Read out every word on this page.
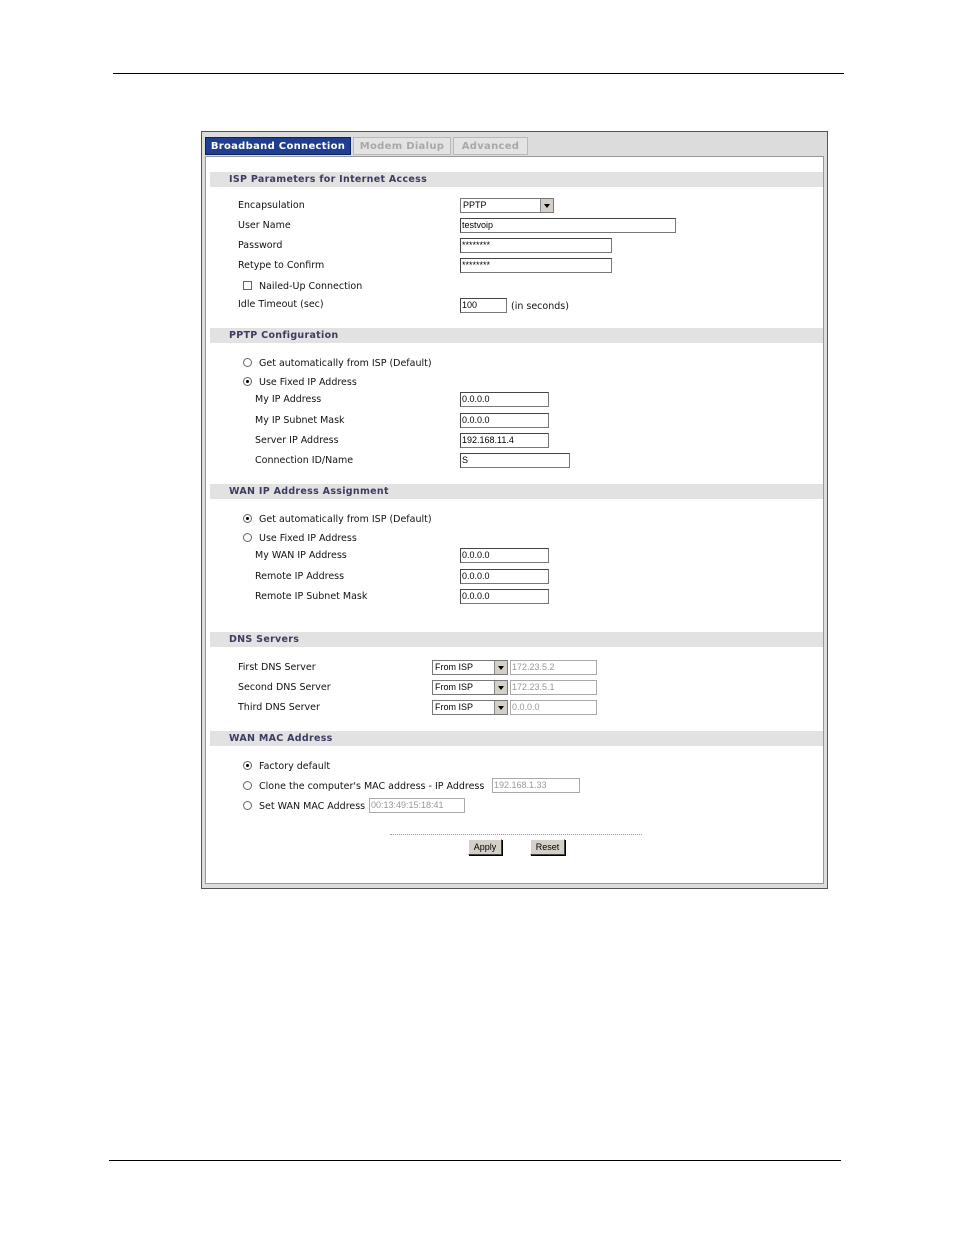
Broadband Connection	Modem Dialup	Advanced
ISP Parameters for Internet Access
Encapsulation	PPTP
User Name	testvoip
Password	********
Retype to Confirm	********
Nailed-Up Connection
Idle Timeout (sec)	100	(in seconds)
PPTP Configuration
Get automatically from ISP (Default)
Use Fixed IP Address
My IP Address	0.0.0.0
My IP Subnet Mask	0.0.0.0
Server IP Address	192.168.11.4
Connection ID/Name	S
WAN IP Address Assignment
Get automatically from ISP (Default)
Use Fixed IP Address
My WAN IP Address	0.0.0.0
Remote IP Address	0.0.0.0
Remote IP Subnet Mask	0.0.0.0
DNS Servers
First DNS Server	From ISP	172.23.5.2
Second DNS Server	From ISP	172.23.5.1
Third DNS Server	From ISP	0.0.0.0
WAN MAC Address
Factory default
Clone the computer's MAC address - IP Address 192.168.1.33
Set WAN MAC Address 00:13:49:15:18:41
Apply	Reset
